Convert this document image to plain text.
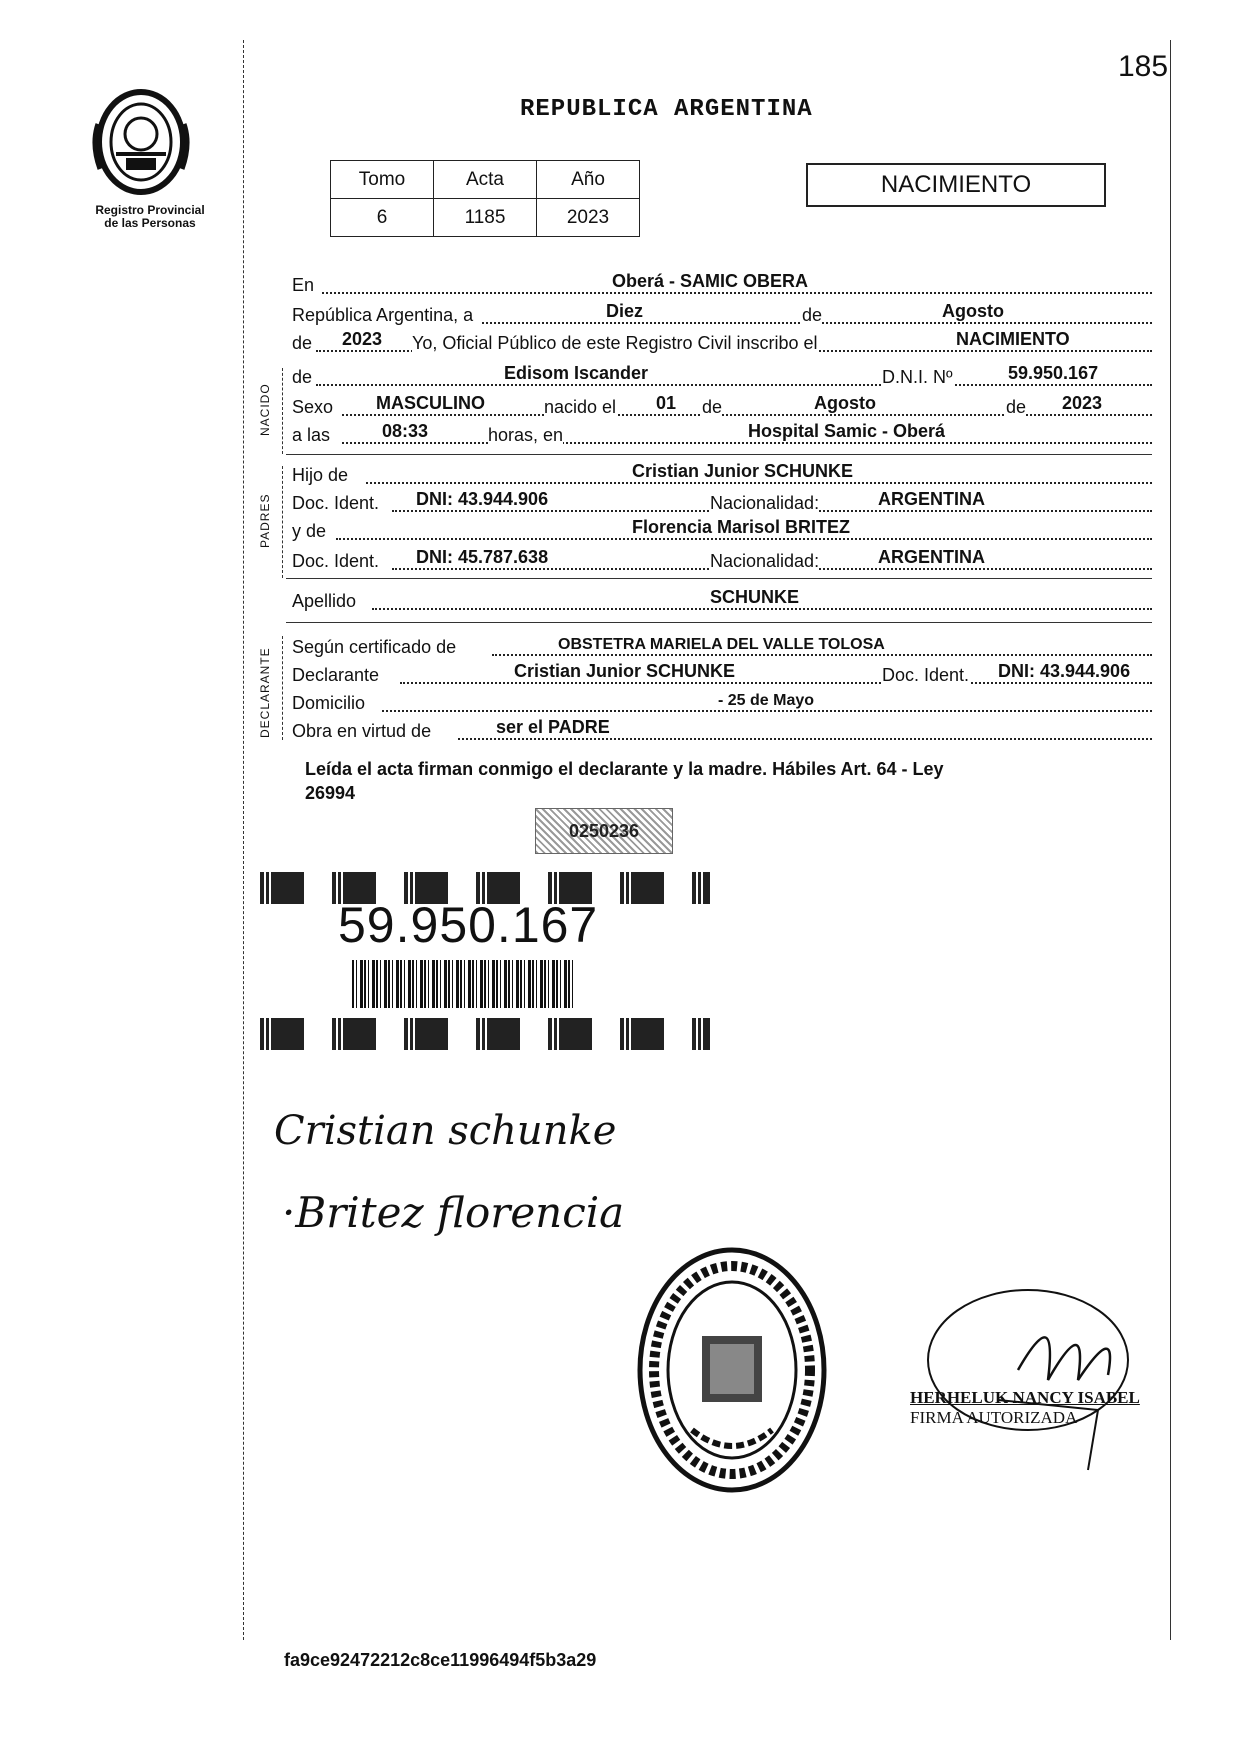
Registro Provincial
de las Personas
185
REPUBLICA ARGENTINA
Tomo	Acta	Año
6	1185	2023
NACIMIENTO
NACIDO
PADRES
DECLARANTE
En	Oberá - SAMIC OBERA
República Argentina, a	Diez	de	Agosto
de 2023 Yo, Oficial Público de este Registro Civil inscribo el	NACIMIENTO
de	Edisom Iscander	D.N.I. Nº	59.950.167
Sexo MASCULINO	nacido el 01 de	Agosto	de 2023
a las	08:33	horas, en	Hospital Samic - Oberá
Hijo de	Cristian Junior SCHUNKE
Doc. Ident. DNI: 43.944.906	Nacionalidad:	ARGENTINA
y de	Florencia Marisol BRITEZ
Doc. Ident. DNI: 45.787.638	Nacionalidad:	ARGENTINA
Apellido	SCHUNKE
Según certificado de	OBSTETRA MARIELA DEL VALLE TOLOSA
Declarante	Cristian Junior SCHUNKE	Doc. Ident. DNI: 43.944.906
Domicilio	- 25 de Mayo
Obra en virtud de	ser el PADRE
Leída el acta firman conmigo el declarante y la madre. Hábiles Art. 64 - Ley
26994
0250236
59.950.167
Cristian schunke
·Britez florencia
HERHELUK NANCY ISABEL
FIRMA AUTORIZADA
fa9ce92472212c8ce11996494f5b3a29
